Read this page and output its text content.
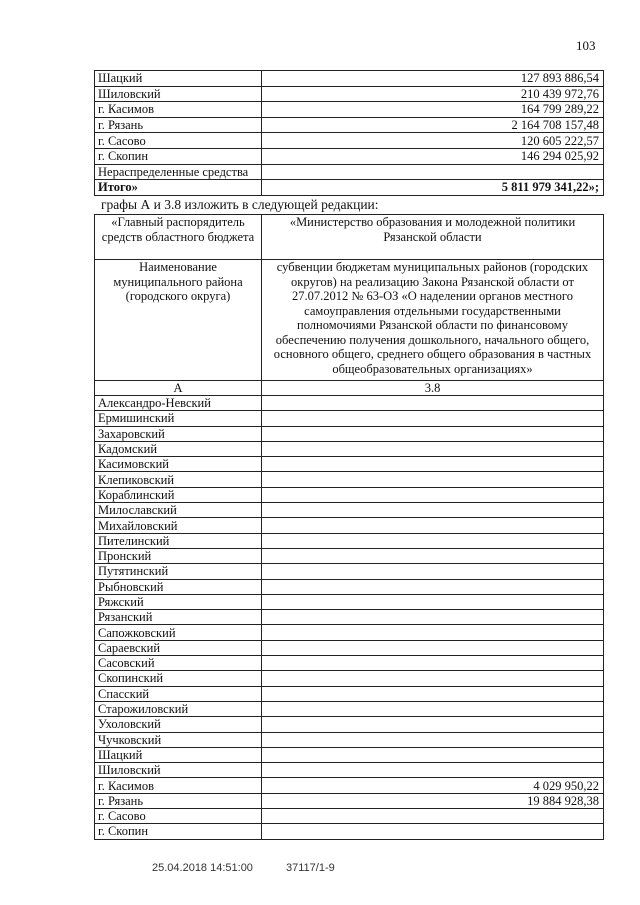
103
Шацкий	127 893 886,54
Шиловский	210 439 972,76
г. Касимов	164 799 289,22
г. Рязань	2 164 708 157,48
г. Сасово	120 605 222,57
г. Скопин	146 294 025,92
Нераспределенные средства	
Итого»	5 811 979 341,22»;
графы А и 3.8 изложить в следующей редакции:
«Главный распорядитель средств областного бюджета	«Министерство образования и молодежной политики Рязанской области
Наименование муниципального района (городского округа)	субвенции бюджетам муниципальных районов (городских округов) на реализацию Закона Рязанской области от 27.07.2012 № 63-ОЗ «О наделении органов местного самоуправления отдельными государственными полномочиями Рязанской области по финансовому обеспечению получения дошкольного, начального общего, основного общего, среднего общего образования в частных общеобразовательных организациях»
А	3.8
Александро-Невский	
Ермишинский	
Захаровский	
Кадомский	
Касимовский	
Клепиковский	
Кораблинский	
Милославский	
Михайловский	
Пителинский	
Пронский	
Путятинский	
Рыбновский	
Ряжский	
Рязанский	
Сапожковский	
Сараевский	
Сасовский	
Скопинский	
Спасский	
Старожиловский	
Ухоловский	
Чучковский	
Шацкий	
Шиловский	
г. Касимов	4 029 950,22
г. Рязань	19 884 928,38
г. Сасово	
г. Скопин	
25.04.2018 14:51:00	37117/1-9
